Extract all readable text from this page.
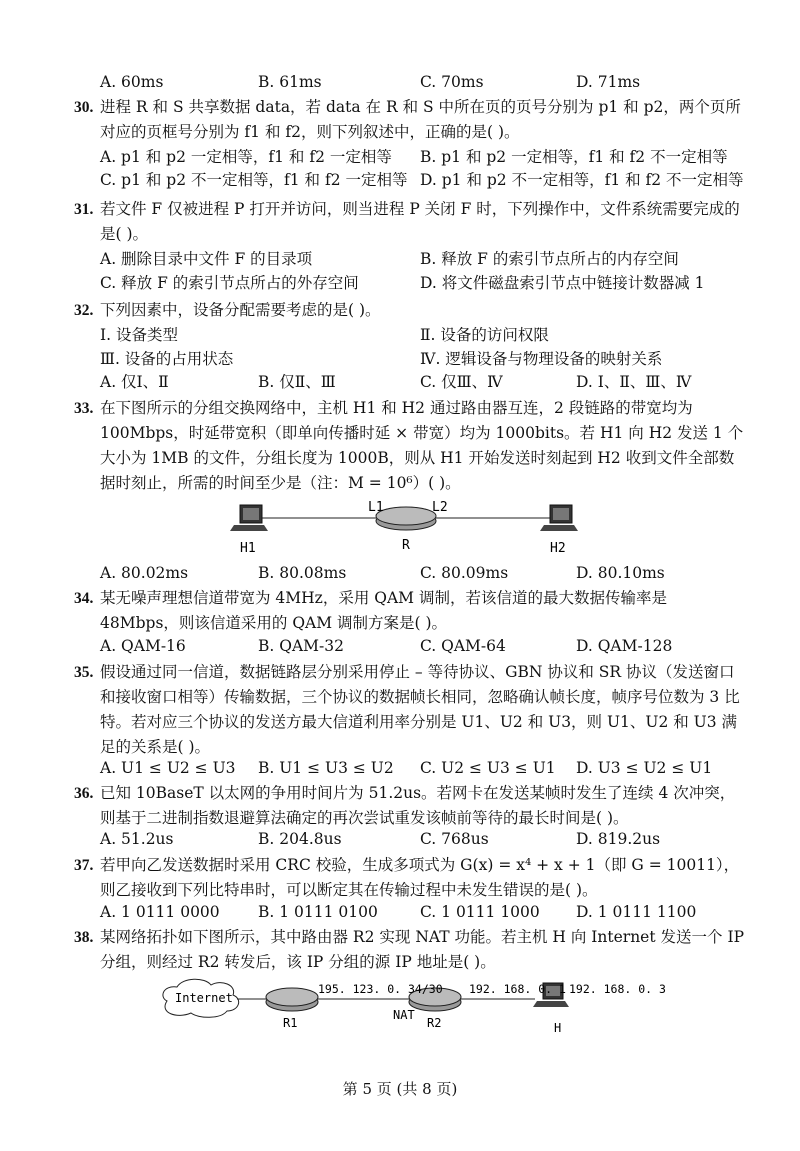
A. 60ms	B. 61ms	C. 70ms	D. 71ms
30. 进程 R 和 S 共享数据 data，若 data 在 R 和 S 中所在页的页号分别为 p1 和 p2，两个页所对应的页框号分别为 f1 和 f2，则下列叙述中，正确的是( )。
A. p1 和 p2 一定相等，f1 和 f2 一定相等 B. p1 和 p2 一定相等，f1 和 f2 不一定相等
C. p1 和 p2 不一定相等，f1 和 f2 一定相等 D. p1 和 p2 不一定相等，f1 和 f2 不一定相等
31. 若文件 F 仅被进程 P 打开并访问，则当进程 P 关闭 F 时，下列操作中，文件系统需要完成的是( )。
A. 删除目录中文件 F 的目录项	B. 释放 F 的索引节点所占的内存空间
C. 释放 F 的索引节点所占的外存空间	D. 将文件磁盘索引节点中链接计数器减 1
32. 下列因素中，设备分配需要考虑的是( )。
Ⅰ. 设备类型	Ⅱ. 设备的访问权限
Ⅲ. 设备的占用状态	Ⅳ. 逻辑设备与物理设备的映射关系
A. 仅Ⅰ、Ⅱ	B. 仅Ⅱ、Ⅲ	C. 仅Ⅲ、Ⅳ	D. Ⅰ、Ⅱ、Ⅲ、Ⅳ
33. 在下图所示的分组交换网络中，主机 H1 和 H2 通过路由器互连，2 段链路的带宽均为 100Mbps，时延带宽积（即单向传播时延 × 带宽）均为 1000bits。若 H1 向 H2 发送 1 个大小为 1MB 的文件，分组长度为 1000B，则从 H1 开始发送时刻起到 H2 收到文件全部数据时刻止，所需的时间至少是（注：M = 10⁶）( )。
L1	L2
H1	R	H2
A. 80.02ms	B. 80.08ms	C. 80.09ms	D. 80.10ms
34. 某无噪声理想信道带宽为 4MHz，采用 QAM 调制，若该信道的最大数据传输率是 48Mbps，则该信道采用的 QAM 调制方案是( )。
A. QAM-16	B. QAM-32	C. QAM-64	D. QAM-128
35. 假设通过同一信道，数据链路层分别采用停止 – 等待协议、GBN 协议和 SR 协议（发送窗口和接收窗口相等）传输数据，三个协议的数据帧长相同，忽略确认帧长度，帧序号位数为 3 比特。若对应三个协议的发送方最大信道利用率分别是 U1、U2 和 U3，则 U1、U2 和 U3 满足的关系是( )。
A. U1 ≤ U2 ≤ U3 B. U1 ≤ U3 ≤ U2 C. U2 ≤ U3 ≤ U1 D. U3 ≤ U2 ≤ U1
36. 已知 10BaseT 以太网的争用时间片为 51.2us。若网卡在发送某帧时发生了连续 4 次冲突，则基于二进制指数退避算法确定的再次尝试重发该帧前等待的最长时间是( )。
A. 51.2us	B. 204.8us	C. 768us	D. 819.2us
37. 若甲向乙发送数据时采用 CRC 校验，生成多项式为 G(x) = x⁴ + x + 1（即 G = 10011），则乙接收到下列比特串时，可以断定其在传输过程中未发生错误的是( )。
A. 1 0111 0000 B. 1 0111 0100	C. 1 0111 1000 D. 1 0111 1100
38. 某网络拓扑如下图所示，其中路由器 R2 实现 NAT 功能。若主机 H 向 Internet 发送一个 IP 分组，则经过 R2 转发后，该 IP 分组的源 IP 地址是( )。
Internet
195. 123. 0. 34/30 192. 168. 0. 1 192. 168. 0. 3
R1
NAT
R2	H
第 5 页 (共 8 页)
